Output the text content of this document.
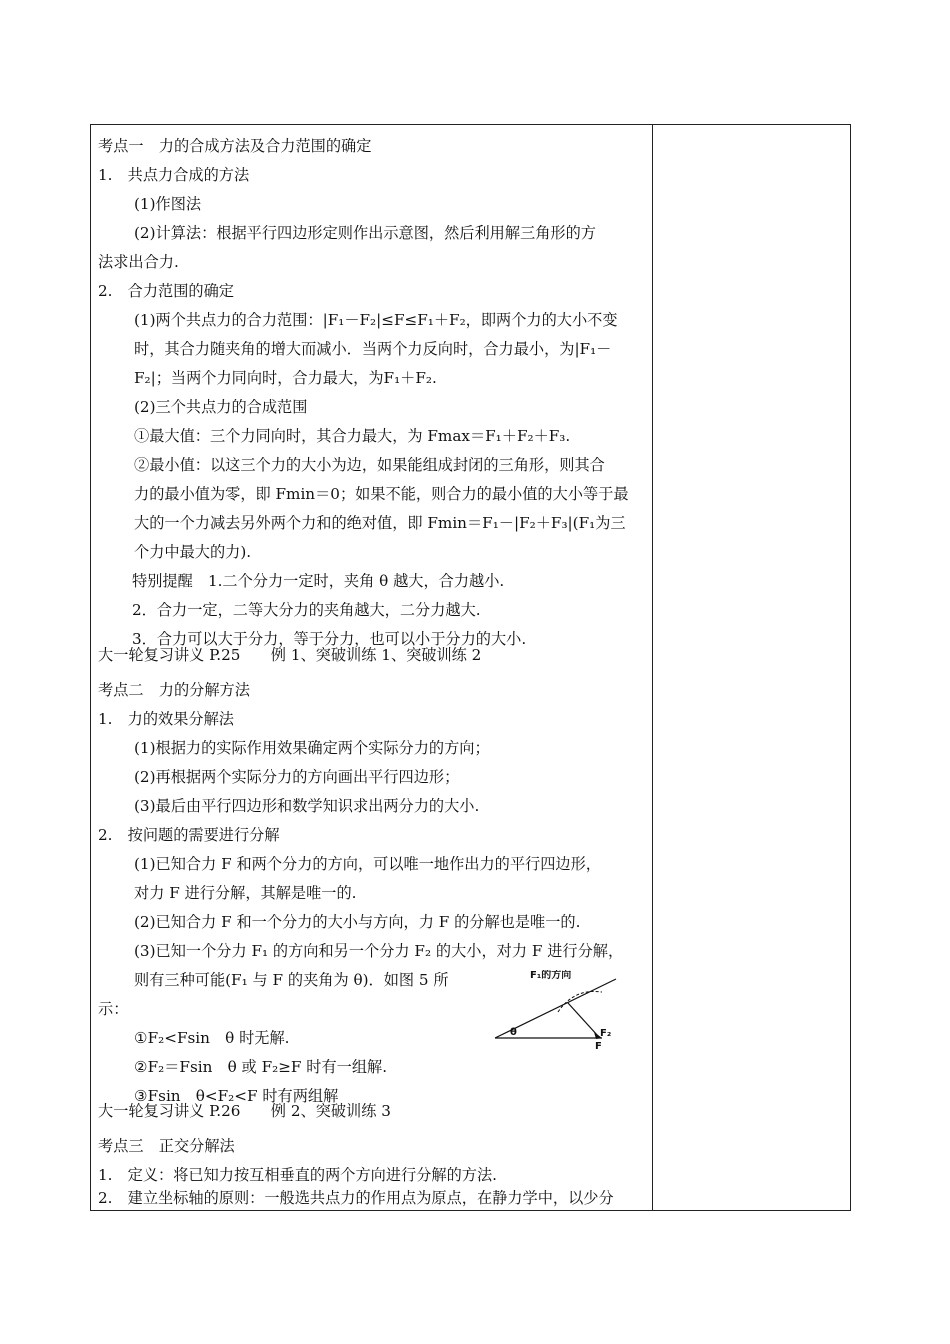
考点一　力的合成方法及合力范围的确定
1.　共点力合成的方法
(1)作图法
(2)计算法：根据平行四边形定则作出示意图，然后利用解三角形的方
法求出合力.
2.　合力范围的确定
(1)两个共点力的合力范围：|F₁－F₂|≤F≤F₁＋F₂，即两个力的大小不变
时，其合力随夹角的增大而减小．当两个力反向时，合力最小，为|F₁－
F₂|；当两个力同向时，合力最大，为F₁＋F₂.
(2)三个共点力的合成范围
①最大值：三个力同向时，其合力最大，为 Fmax＝F₁＋F₂＋F₃.
②最小值：以这三个力的大小为边，如果能组成封闭的三角形，则其合
力的最小值为零，即 Fmin＝0；如果不能，则合力的最小值的大小等于最
大的一个力减去另外两个力和的绝对值，即 Fmin＝F₁－|F₂＋F₃|(F₁为三
个力中最大的力).
特别提醒　1.二个分力一定时，夹角 θ 越大，合力越小.
2．合力一定，二等大分力的夹角越大，二分力越大.
3．合力可以大于分力，等于分力，也可以小于分力的大小.
大一轮复习讲义 P.25　　例 1、突破训练 1、突破训练 2
考点二　力的分解方法
1.　力的效果分解法
(1)根据力的实际作用效果确定两个实际分力的方向；
(2)再根据两个实际分力的方向画出平行四边形；
(3)最后由平行四边形和数学知识求出两分力的大小.
2.　按问题的需要进行分解
(1)已知合力 F 和两个分力的方向，可以唯一地作出力的平行四边形，
对力 F 进行分解，其解是唯一的.
(2)已知合力 F 和一个分力的大小与方向，力 F 的分解也是唯一的.
(3)已知一个分力 F₁ 的方向和另一个分力 F₂ 的大小，对力 F 进行分解，
则有三种可能(F₁ 与 F 的夹角为 θ)．如图 5 所
示：
①F₂<Fsin　θ 时无解.
②F₂＝Fsin　θ 或 F₂≥F 时有一组解.
③Fsin　θ<F₂<F 时有两组解
大一轮复习讲义 P.26　　例 2、突破训练 3
考点三　正交分解法
1.　定义：将已知力按互相垂直的两个方向进行分解的方法.
2.　建立坐标轴的原则：一般选共点力的作用点为原点，在静力学中，以少分
F₁的方向
θ	F₂
F
